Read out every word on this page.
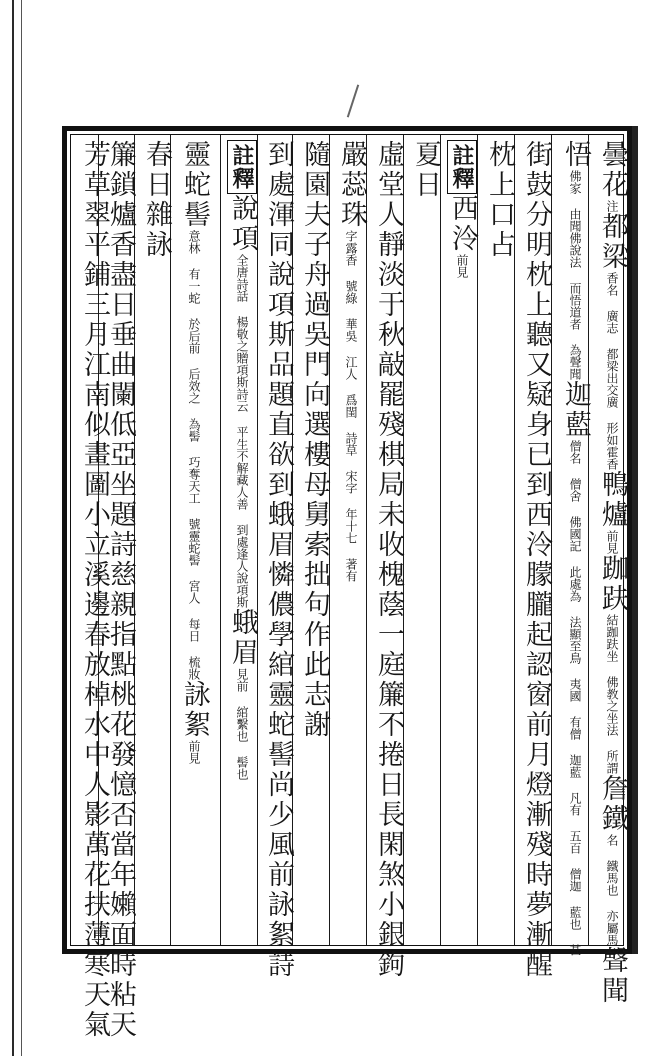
曇花注都梁香名 廣志 都梁出交廣 形如霍香鴨爐前見跏趺結跏趺坐 佛教之坐法 所謂詹鐵名 鐵馬也 亦屬馬聲聞
悟佛家 由聞佛說法 而悟道者 為聲聞迦藍僧名 僧舍 佛國記 此處為 法顯至鳥 夷國 有僧 迦藍 凡有 五百 僧迦 藍也 甚
街鼓分明枕上聽又疑身已到西泠朦朧起認窗前月燈漸殘時夢漸醒
枕上口占
註釋西泠前見
夏日
虛堂人靜淡于秋敲罷殘棋局未收槐蔭一庭簾不捲日長閑煞小銀鉤
嚴蕊珠字露香 號綠 華吳 江人 爲閨 詩草 宋字 年十七 著有
隨園夫子舟過吳門向選樓母舅索拙句作此志謝
到處渾同說項斯品題直欲到蛾眉憐儂學綰靈蛇髻尚少風前詠絮詩
註釋說項全唐詩話 楊敬之贈項斯詩云 平生不解藏人善 到處逢人說項斯蛾眉見前 綰繫也 髻也
靈蛇髻意林 有一蛇 於后前 后效之 為髻 巧奪天工 號靈蛇髻 宮人 每日 梳妝詠絮前見
春日雜詠
簾鎖爐香盡日垂曲闌低亞坐題詩慈親指點桃花發憶否當年嬾面時粘天
芳草翠平鋪三月江南似畫圖小立溪邊春放棹水中人影萬花扶薄寒天氣
